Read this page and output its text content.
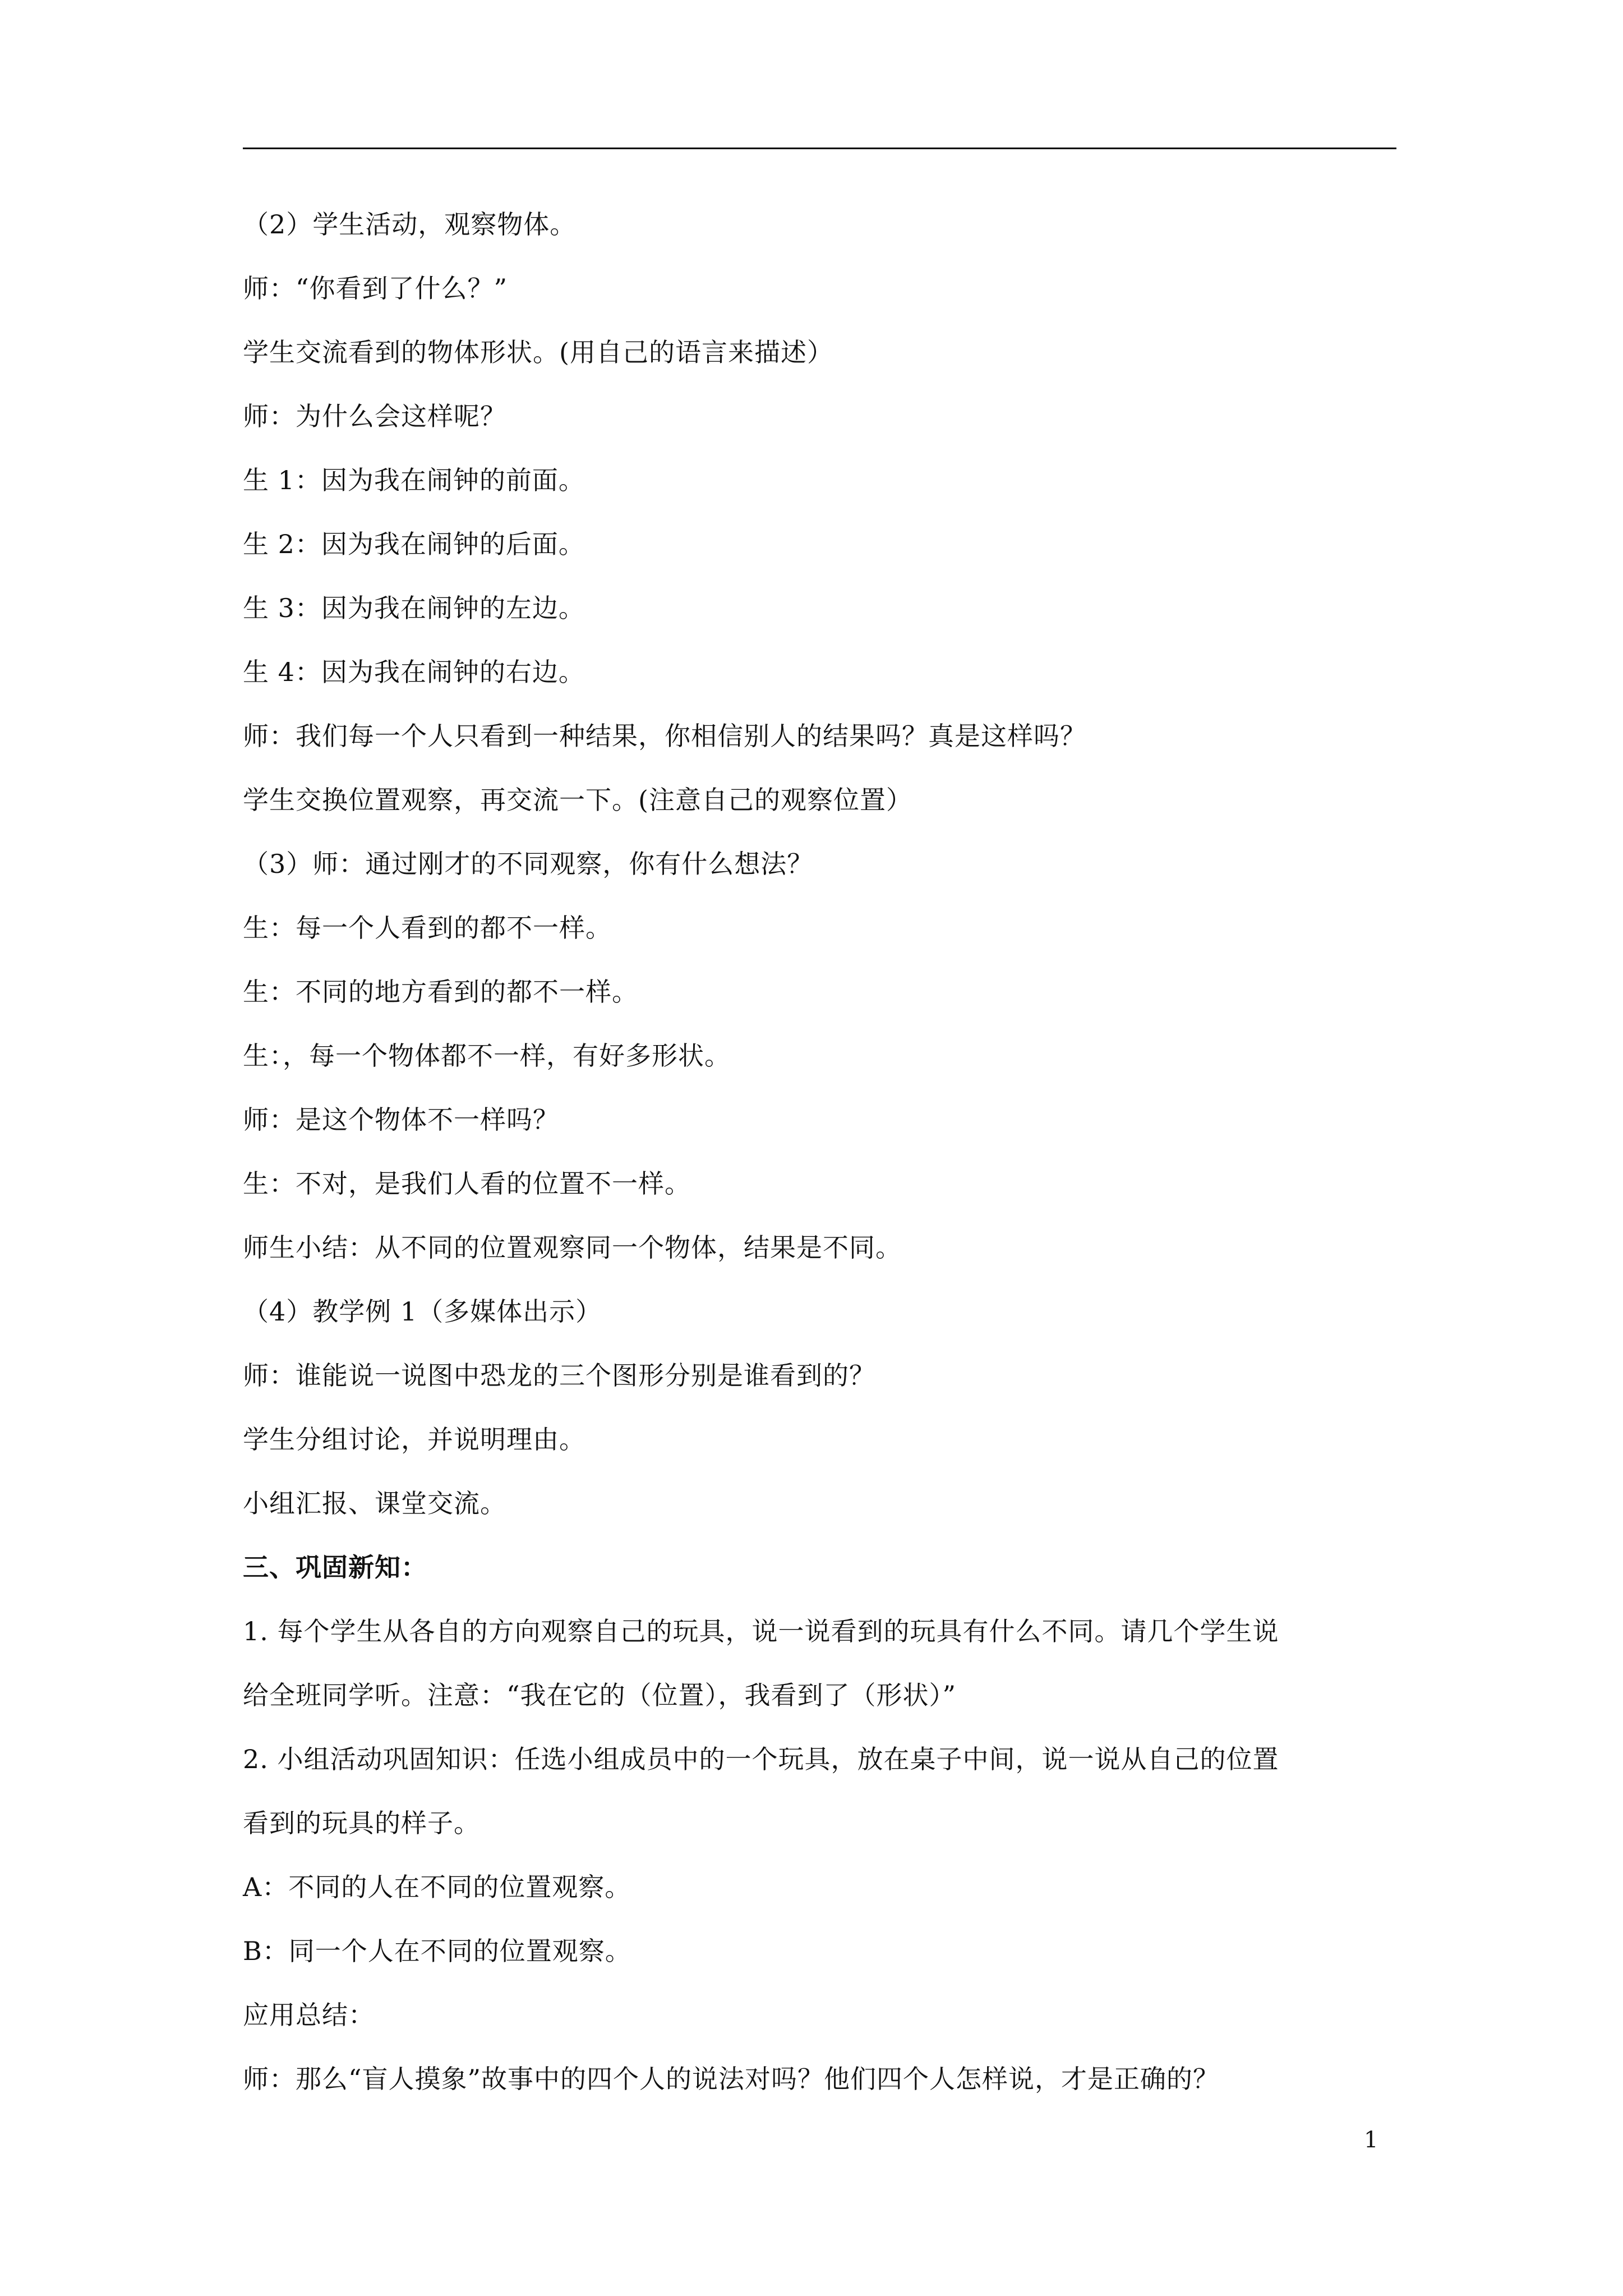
（2）学生活动，观察物体。
师：“你看到了什么？”
学生交流看到的物体形状。(用自己的语言来描述）
师：为什么会这样呢？
生 1：因为我在闹钟的前面。
生 2：因为我在闹钟的后面。
生 3：因为我在闹钟的左边。
生 4：因为我在闹钟的右边。
师：我们每一个人只看到一种结果，你相信别人的结果吗？真是这样吗？
学生交换位置观察，再交流一下。(注意自己的观察位置）
（3）师：通过刚才的不同观察，你有什么想法？
生：每一个人看到的都不一样。
生：不同的地方看到的都不一样。
生：，每一个物体都不一样，有好多形状。
师：是这个物体不一样吗？
生：不对，是我们人看的位置不一样。
师生小结：从不同的位置观察同一个物体，结果是不同。
（4）教学例 1（多媒体出示）
师：谁能说一说图中恐龙的三个图形分别是谁看到的？
学生分组讨论，并说明理由。
小组汇报、课堂交流。
三、巩固新知：
1. 每个学生从各自的方向观察自己的玩具，说一说看到的玩具有什么不同。请几个学生说
给全班同学听。注意：“我在它的（位置），我看到了（形状）”
2. 小组活动巩固知识：任选小组成员中的一个玩具，放在桌子中间，说一说从自己的位置
看到的玩具的样子。
A：不同的人在不同的位置观察。
B：同一个人在不同的位置观察。
应用总结：
师：那么“盲人摸象”故事中的四个人的说法对吗？他们四个人怎样说，才是正确的？
1
